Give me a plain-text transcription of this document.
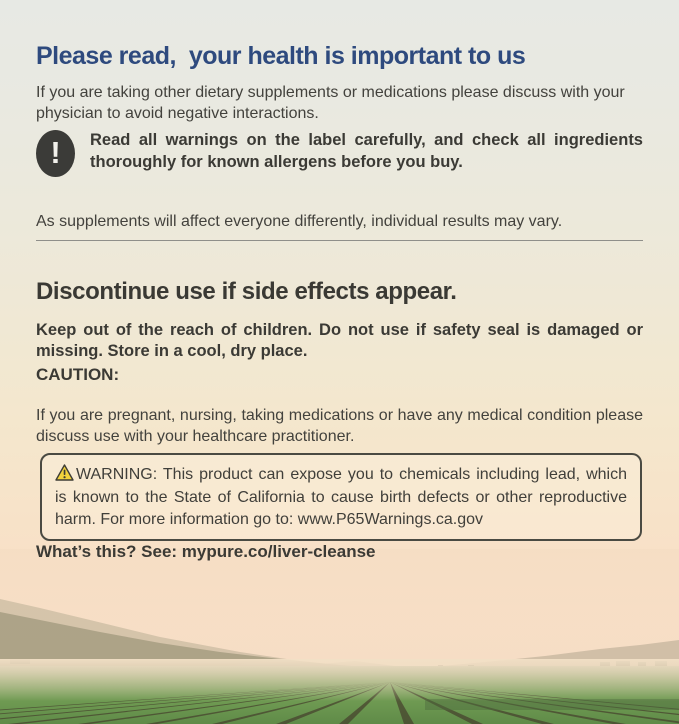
Please read,  your health is important to us

If you are taking other dietary supplements or medications please discuss with your physician to avoid negative interactions.

! Read all warnings on the label carefully, and check all ingredients thoroughly for known allergens before you buy.

As supplements will affect everyone differently, individual results may vary.

Discontinue use if side effects appear.

Keep out of the reach of children. Do not use if safety seal is damaged or missing. Store in a cool, dry place.

CAUTION:

If you are pregnant, nursing, taking medications or have any medical condition please discuss use with your healthcare practitioner.

WARNING: This product can expose you to chemicals including lead, which is known to the State of California to cause birth defects or other reproductive harm. For more information go to: www.P65Warnings.ca.gov
What’s this? See: mypure.co/liver-cleanse
